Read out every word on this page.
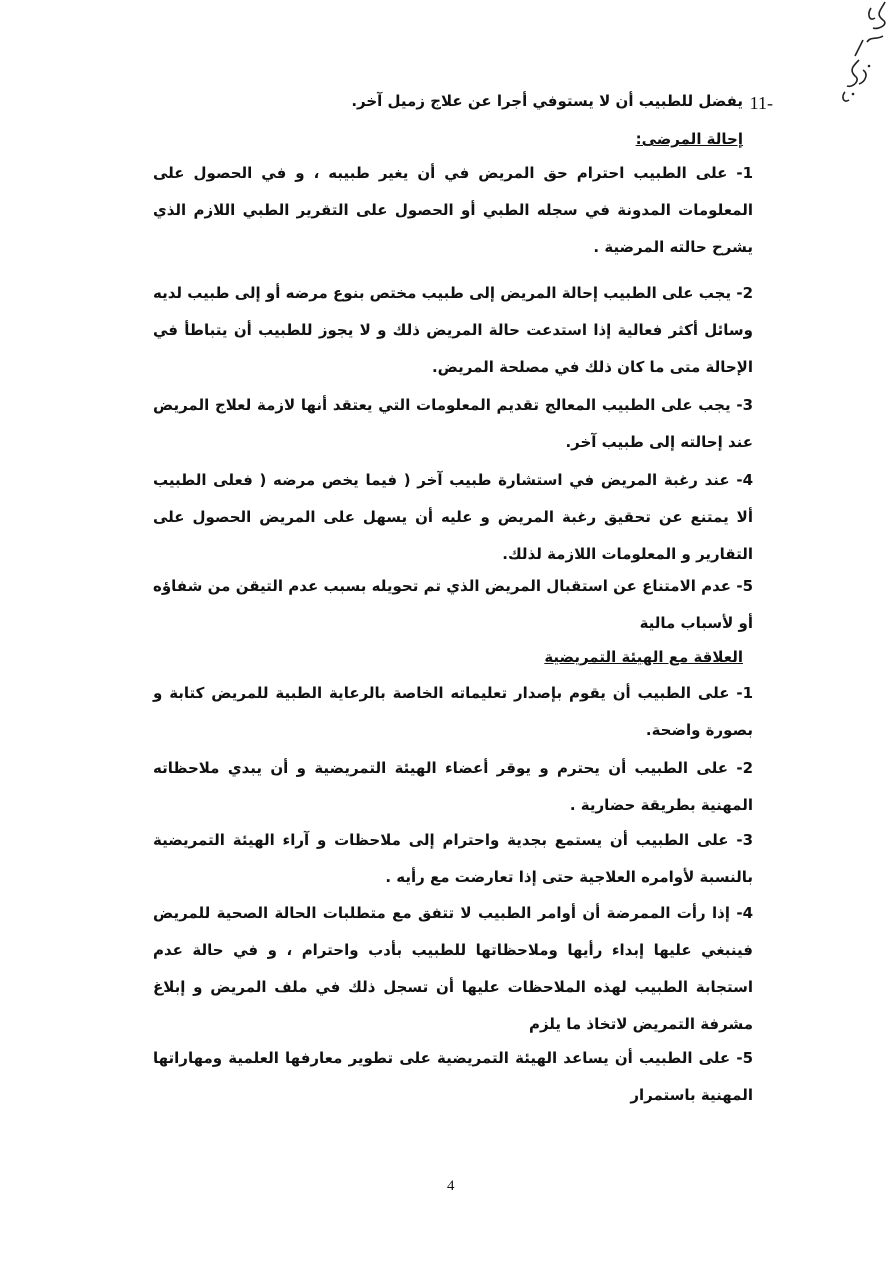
11-
يفضل للطبيب أن لا يستوفي أجرا عن علاج زميل آخر.
إحالة المرضى:
1- على الطبيب احترام حق المريض في أن يغير طبيبه ، و في الحصول على المعلومات المدونة في سجله الطبي أو الحصول على التقرير الطبي اللازم الذي يشرح حالته المرضية .
2- يجب على الطبيب إحالة المريض إلى طبيب مختص بنوع مرضه أو إلى طبيب لديه وسائل أكثر فعالية إذا استدعت حالة المريض ذلك و لا يجوز للطبيب أن يتباطأ في الإحالة متى ما كان ذلك في مصلحة المريض.
3- يجب على الطبيب المعالج تقديم المعلومات التي يعتقد أنها لازمة لعلاج المريض عند إحالته إلى طبيب آخر.
4- عند رغبة المريض في استشارة طبيب آخر ( فيما يخص مرضه ( فعلى الطبيب ألا يمتنع عن تحقيق رغبة المريض و عليه أن يسهل على المريض الحصول على التقارير و المعلومات اللازمة لذلك.
5- عدم الامتناع عن استقبال المريض الذي تم تحويله بسبب عدم التيقن من شفاؤه أو لأسباب مالية
العلاقة مع الهيئة التمريضية
1- على الطبيب أن يقوم بإصدار تعليماته الخاصة بالرعاية الطبية للمريض كتابة و بصورة واضحة.
2- على الطبيب أن يحترم و يوقر أعضاء الهيئة التمريضية و أن يبدي ملاحظاته المهنية بطريقة حضارية .
3- على الطبيب أن يستمع بجدية واحترام إلى ملاحظات و آراء الهيئة التمريضية بالنسبة لأوامره العلاجية حتى إذا تعارضت مع رأيه .
4- إذا رأت الممرضة أن أوامر الطبيب لا تتفق مع متطلبات الحالة الصحية للمريض فينبغي عليها إبداء رأيها وملاحظاتها للطبيب بأدب واحترام ، و في حالة عدم استجابة الطبيب لهذه الملاحظات عليها أن تسجل ذلك في ملف المريض و إبلاغ مشرفة التمريض لاتخاذ ما يلزم
5- على الطبيب أن يساعد الهيئة التمريضية على تطوير معارفها العلمية ومهاراتها المهنية باستمرار
4
